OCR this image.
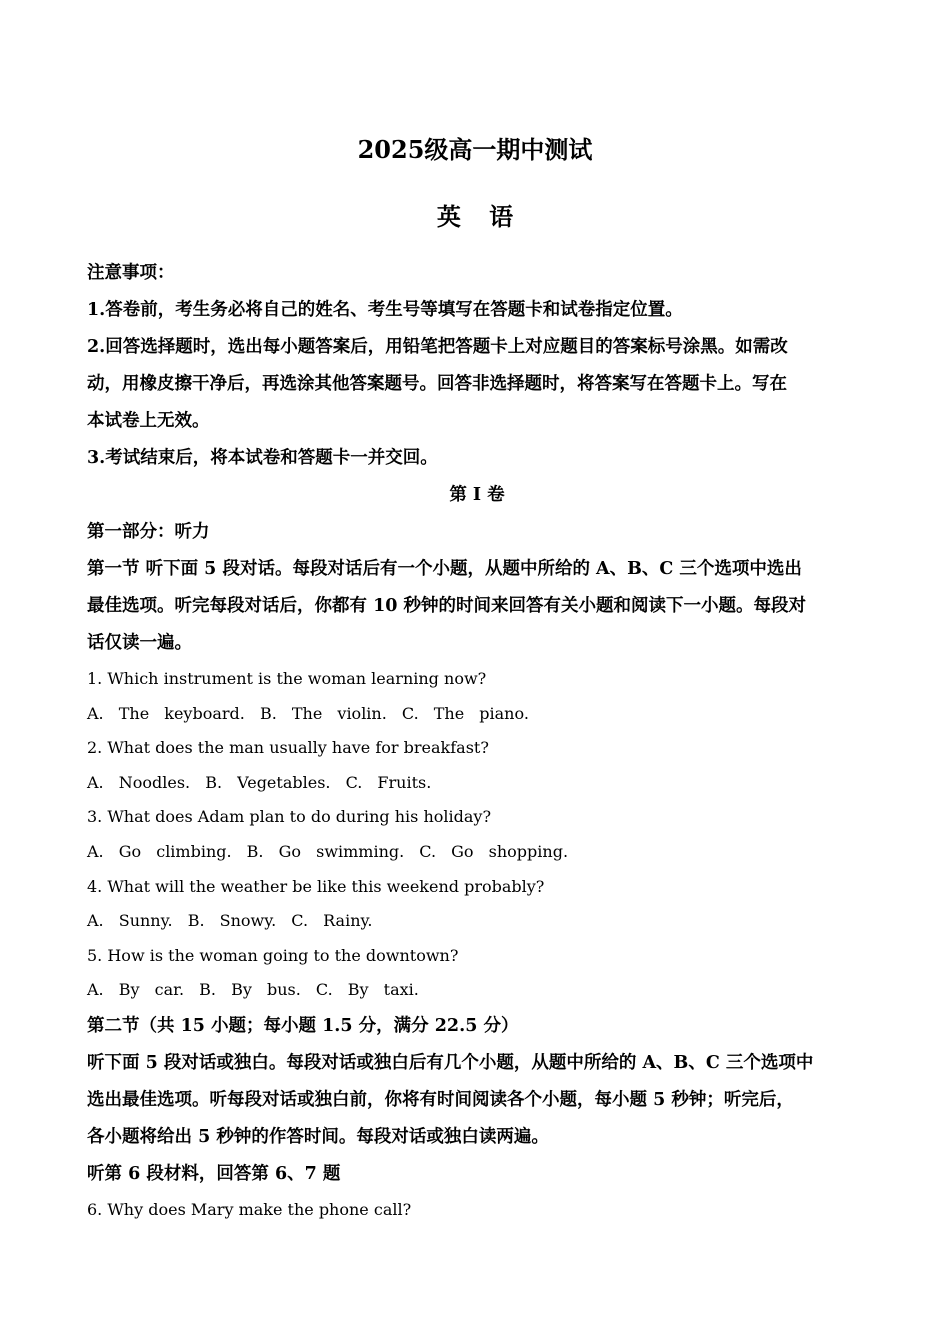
2025级高一期中测试
英 语
注意事项：
1.答卷前，考生务必将自己的姓名、考生号等填写在答题卡和试卷指定位置。
2.回答选择题时，选出每小题答案后，用铅笔把答题卡上对应题目的答案标号涂黑。如需改
动，用橡皮擦干净后，再选涂其他答案题号。回答非选择题时，将答案写在答题卡上。写在
本试卷上无效。
3.考试结束后，将本试卷和答题卡一并交回。
第 I 卷
第一部分：听力
第一节 听下面 5 段对话。每段对话后有一个小题，从题中所给的 A、B、C 三个选项中选出
最佳选项。听完每段对话后，你都有 10 秒钟的时间来回答有关小题和阅读下一小题。每段对
话仅读一遍。
1. Which instrument is the woman learning now?
A. The keyboard. B. The violin. C. The piano.
2. What does the man usually have for breakfast?
A. Noodles. B. Vegetables. C. Fruits.
3. What does Adam plan to do during his holiday?
A. Go climbing. B. Go swimming. C. Go shopping.
4. What will the weather be like this weekend probably?
A. Sunny. B. Snowy. C. Rainy.
5. How is the woman going to the downtown?
A. By car. B. By bus. C. By taxi.
第二节（共 15 小题；每小题 1.5 分，满分 22.5 分）
听下面 5 段对话或独白。每段对话或独白后有几个小题，从题中所给的 A、B、C 三个选项中
选出最佳选项。听每段对话或独白前，你将有时间阅读各个小题，每小题 5 秒钟；听完后，
各小题将给出 5 秒钟的作答时间。每段对话或独白读两遍。
听第 6 段材料，回答第 6、7 题
6. Why does Mary make the phone call?
